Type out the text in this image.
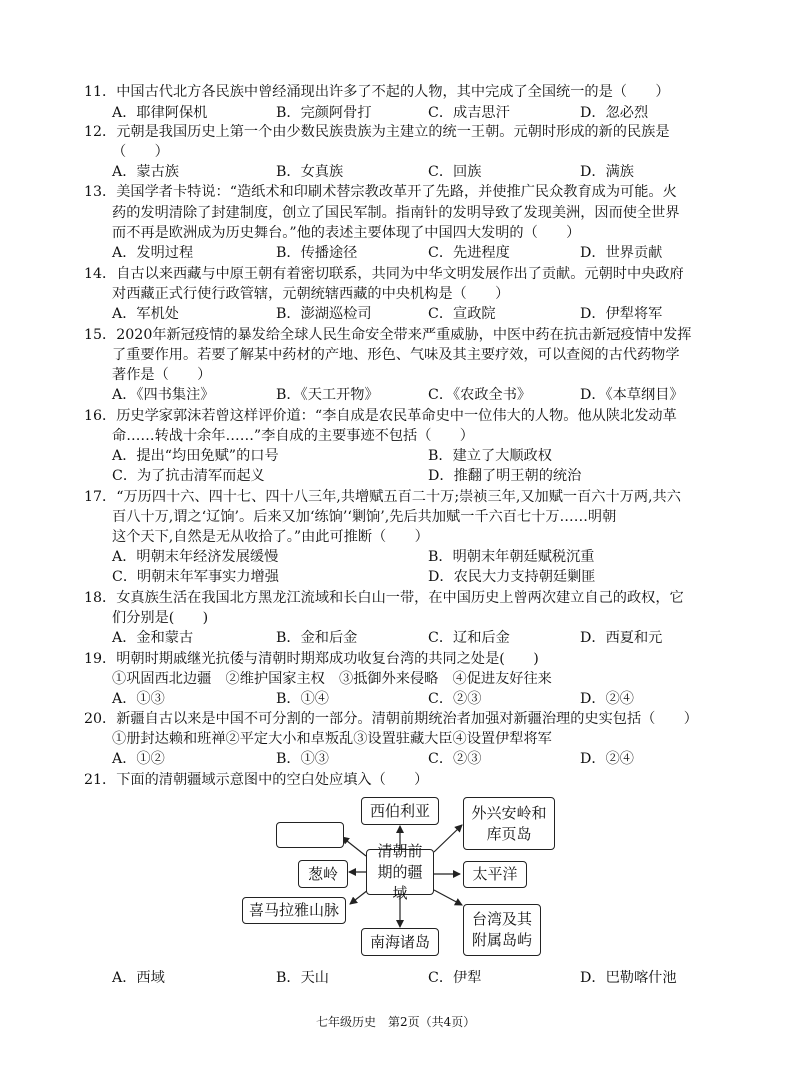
11．中国古代北方各民族中曾经涌现出许多了不起的人物，其中完成了全国统一的是（　　）
A．耶律阿保机	B．完颜阿骨打	C．成吉思汗	D．忽必烈
12．元朝是我国历史上第一个由少数民族贵族为主建立的统一王朝。元朝时形成的新的民族是
（　　）
A．蒙古族	B．女真族	C．回族	D．满族
13．美国学者卡特说：“造纸术和印刷术替宗教改革开了先路，并使推广民众教育成为可能。火
药的发明清除了封建制度，创立了国民军制。指南针的发明导致了发现美洲，因而使全世界
而不再是欧洲成为历史舞台。”他的表述主要体现了中国四大发明的（　　）
A．发明过程	B．传播途径	C．先进程度	D．世界贡献
14．自古以来西藏与中原王朝有着密切联系，共同为中华文明发展作出了贡献。元朝时中央政府
对西藏正式行使行政管辖，元朝统辖西藏的中央机构是（　　）
A．军机处	B．澎湖巡检司	C．宣政院	D．伊犁将军
15．2020年新冠疫情的暴发给全球人民生命安全带来严重威胁，中医中药在抗击新冠疫情中发挥
了重要作用。若要了解某中药材的产地、形色、气味及其主要疗效，可以查阅的古代药物学
著作是（　　）
A．《四书集注》	B．《天工开物》	C．《农政全书》	D．《本草纲目》
16．历史学家郭沫若曾这样评价道：“李自成是农民革命史中一位伟大的人物。他从陕北发动革
命……转战十余年……”李自成的主要事迹不包括（　　）
A．提出“均田免赋”的口号	B．建立了大顺政权
C．为了抗击清军而起义	D．推翻了明王朝的统治
17．“万历四十六、四十七、四十八三年,共增赋五百二十万;崇祯三年,又加赋一百六十万两,共六
百八十万,谓之‘辽饷’。后来又加‘练饷’‘剿饷’,先后共加赋一千六百七十万……明朝
这个天下,自然是无从收拾了。”由此可推断（　　）
A．明朝末年经济发展缓慢	B．明朝末年朝廷赋税沉重
C．明朝末年军事实力增强	D．农民大力支持朝廷剿匪
18．女真族生活在我国北方黑龙江流域和长白山一带，在中国历史上曾两次建立自己的政权，它
们分别是(　　)
A．金和蒙古	B．金和后金	C．辽和后金	D．西夏和元
19．明朝时期戚继光抗倭与清朝时期郑成功收复台湾的共同之处是(　　)
①巩固西北边疆　②维护国家主权　③抵御外来侵略　④促进友好往来
A．①③	B．①④	C．②③	D．②④
20．新疆自古以来是中国不可分割的一部分。清朝前期统治者加强对新疆治理的史实包括（　　）
①册封达赖和班禅②平定大小和卓叛乱③设置驻藏大臣④设置伊犁将军
A．①②	B．①③	C．②③	D．②④
21．下面的清朝疆域示意图中的空白处应填入（　　）
西伯利亚	外兴安岭和库页岛
清朝前期的疆域
葱岭	太平洋
喜马拉雅山脉
南海诸岛
台湾及其附属岛屿
A．西域	B．天山	C．伊犁	D．巴勒喀什池
七年级历史　第2页（共4页）
